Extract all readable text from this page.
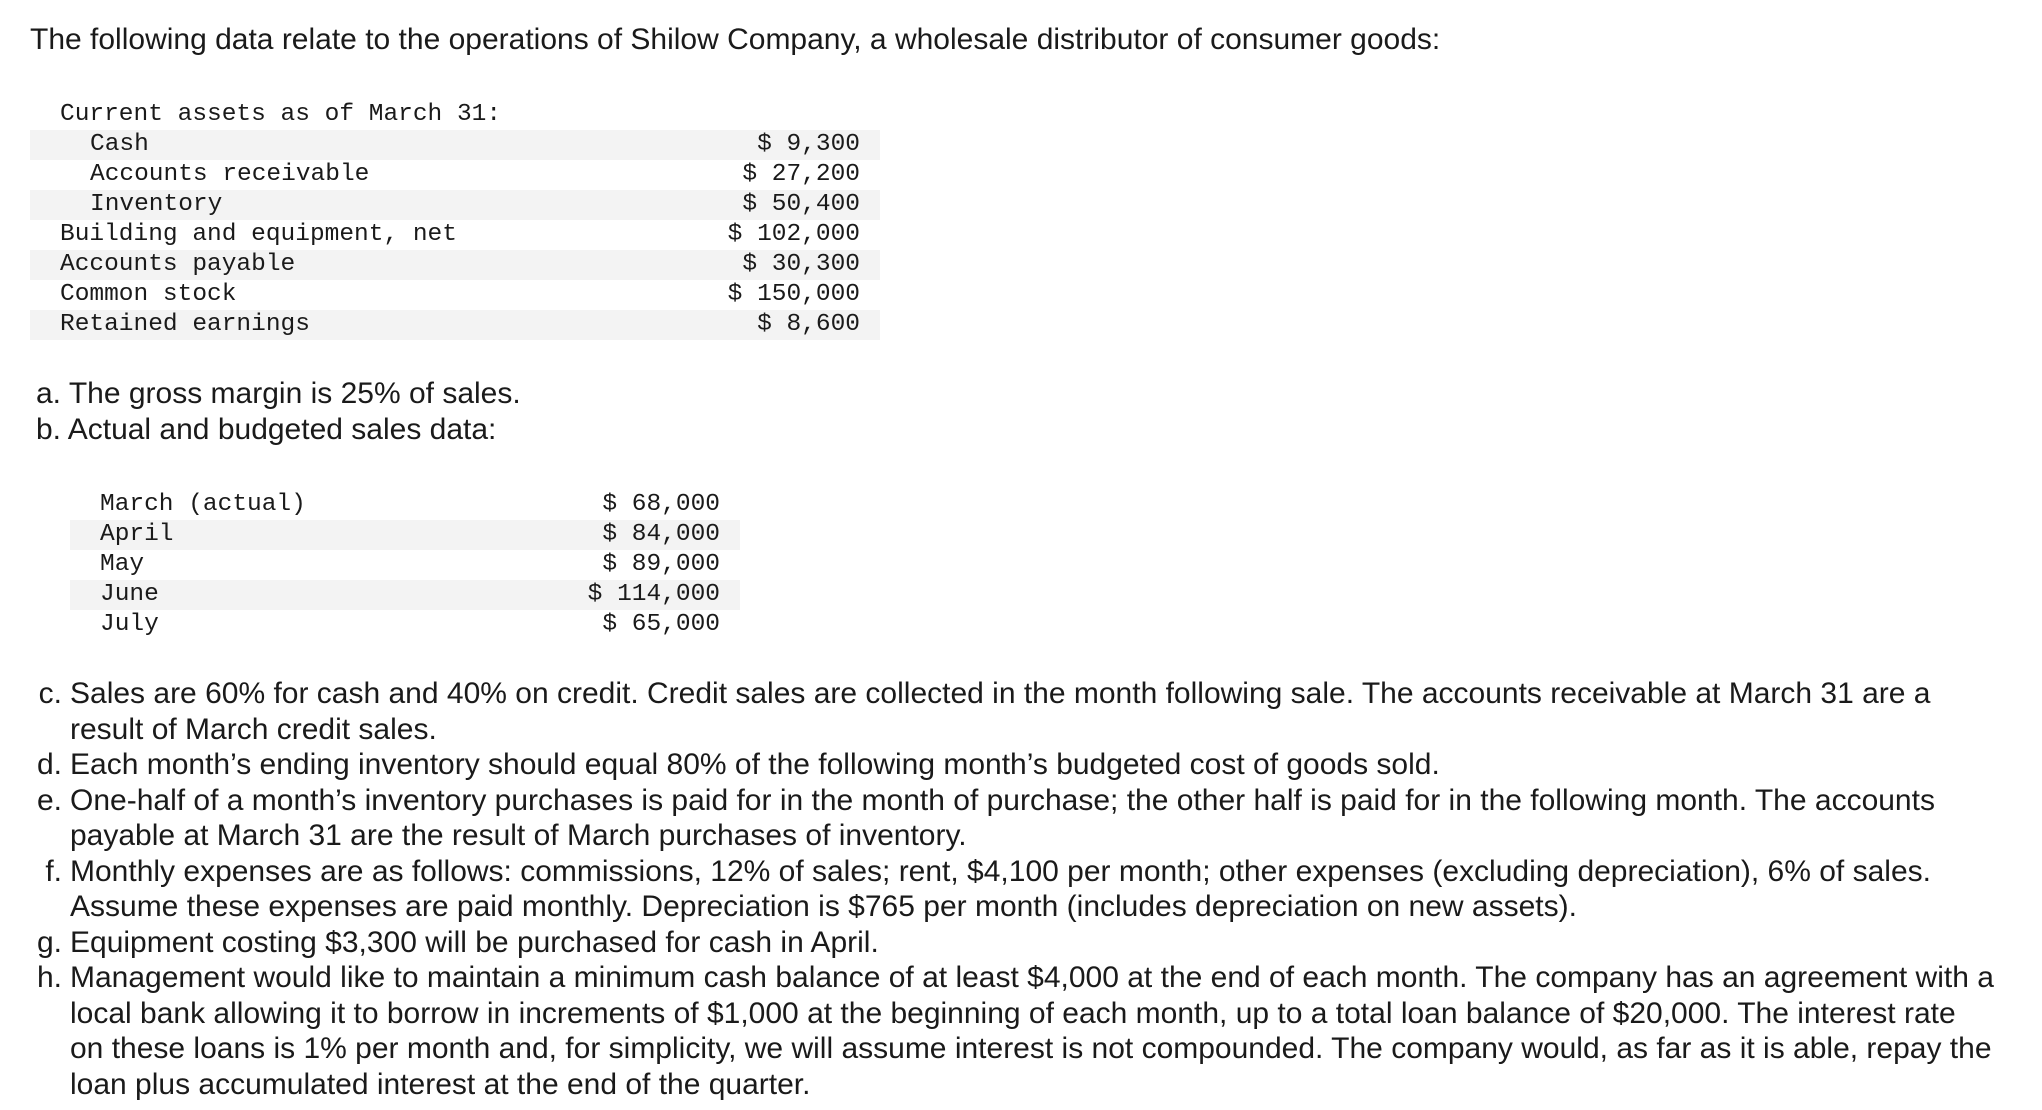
The following data relate to the operations of Shilow Company, a wholesale distributor of consumer goods:

Current assets as of March 31:
Cash	$ 9,300
Accounts receivable	$ 27,200
Inventory	$ 50,400
Building and equipment, net	$ 102,000
Accounts payable	$ 30,300
Common stock	$ 150,000
Retained earnings	$ 8,600
a. The gross margin is 25% of sales.
b. Actual and budgeted sales data:
March (actual)	$ 68,000
April	$ 84,000
May	$ 89,000
June	$ 114,000
July	$ 65,000
c. Sales are 60% for cash and 40% on credit. Credit sales are collected in the month following sale. The accounts receivable at March 31 are a result of March credit sales.
d. Each month’s ending inventory should equal 80% of the following month’s budgeted cost of goods sold.
e. One-half of a month’s inventory purchases is paid for in the month of purchase; the other half is paid for in the following month. The accounts payable at March 31 are the result of March purchases of inventory.
f. Monthly expenses are as follows: commissions, 12% of sales; rent, $4,100 per month; other expenses (excluding depreciation), 6% of sales. Assume these expenses are paid monthly. Depreciation is $765 per month (includes depreciation on new assets).
g. Equipment costing $3,300 will be purchased for cash in April.
h. Management would like to maintain a minimum cash balance of at least $4,000 at the end of each month. The company has an agreement with a local bank allowing it to borrow in increments of $1,000 at the beginning of each month, up to a total loan balance of $20,000. The interest rate on these loans is 1% per month and, for simplicity, we will assume interest is not compounded. The company would, as far as it is able, repay the loan plus accumulated interest at the end of the quarter.
